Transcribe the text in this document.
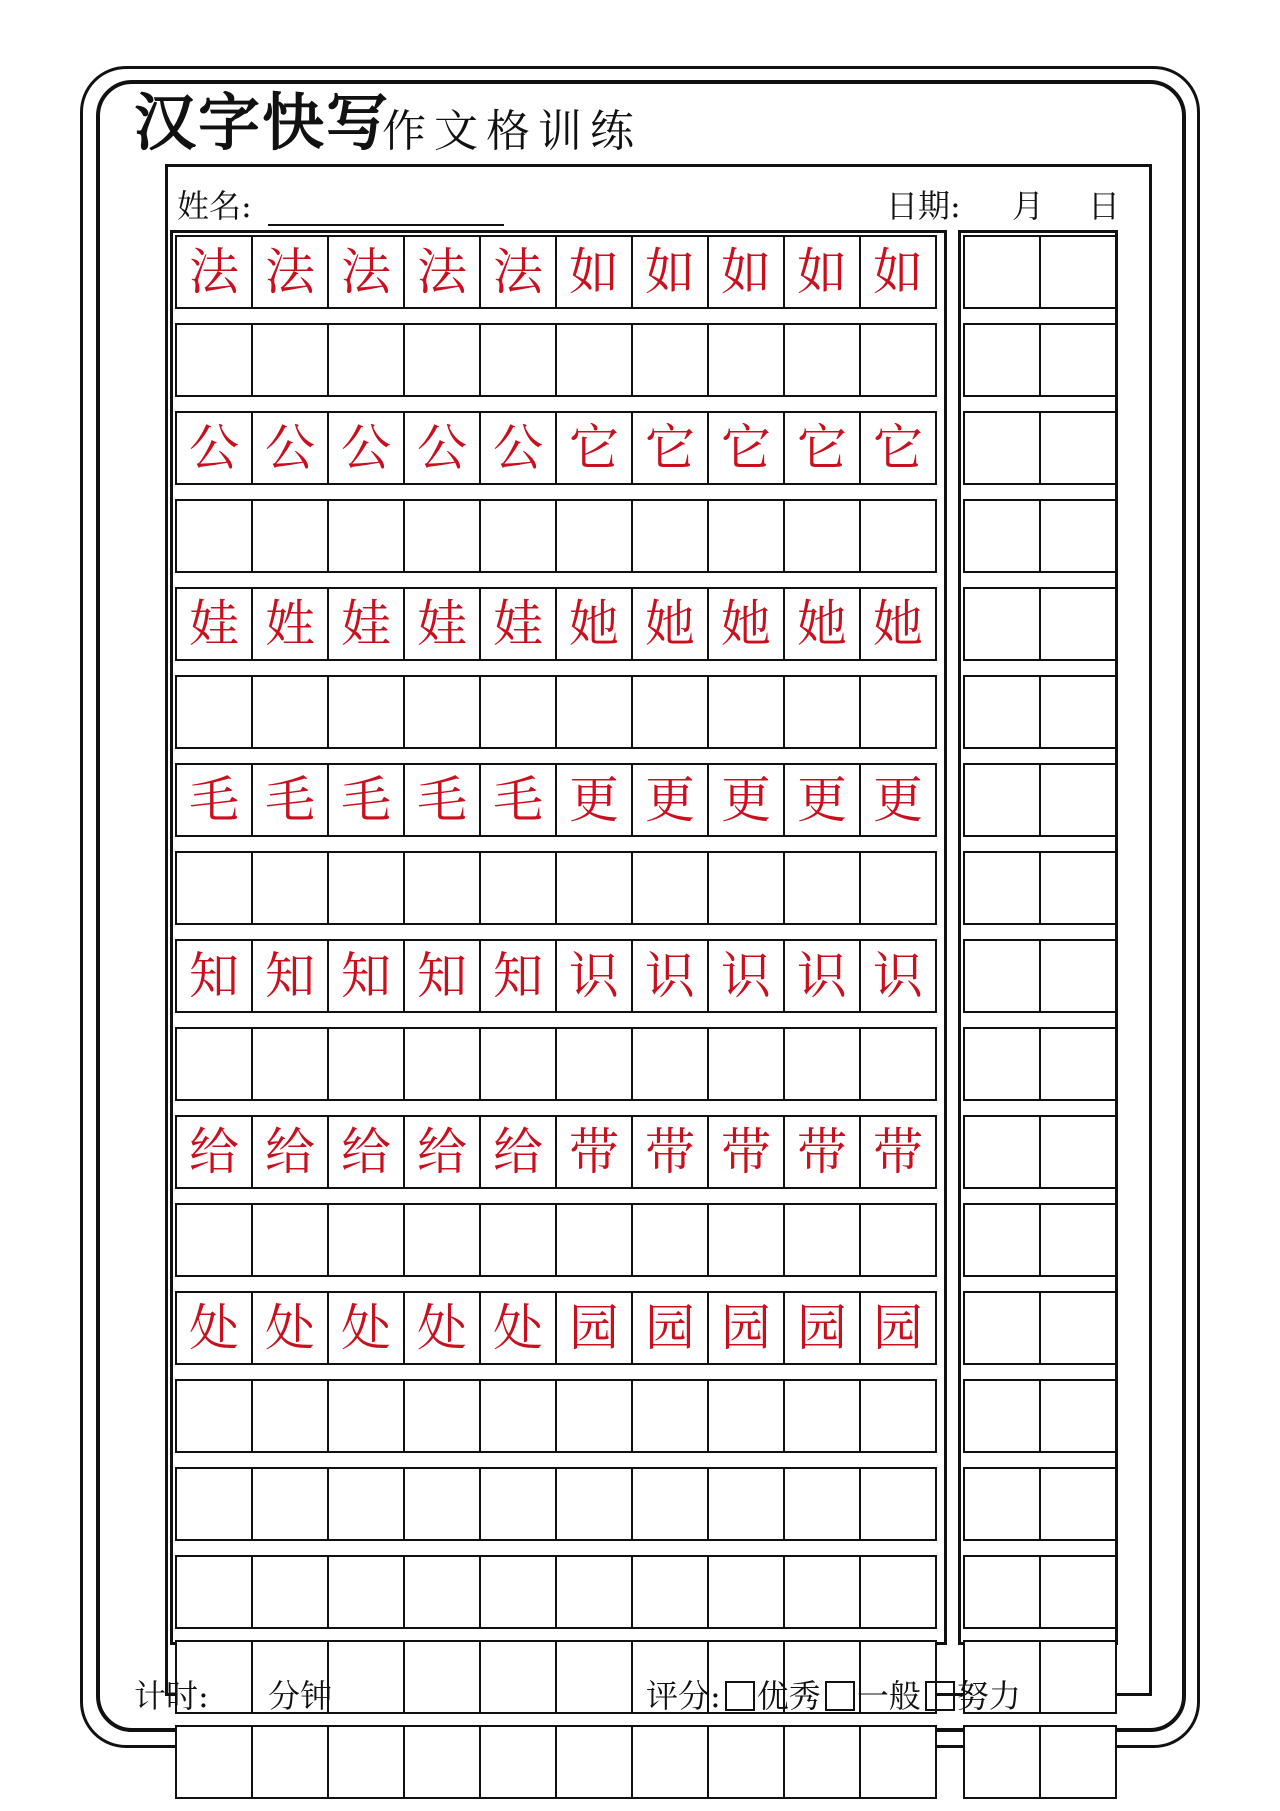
汉字快写
作文格训练
姓名:	日期: 月 日
法 法 法 法 法 如 如 如 如 如
公 公 公 公 公 它 它 它 它 它
娃 姓 娃 娃 娃 她 她 她 她 她
毛 毛 毛 毛 毛 更 更 更 更 更
知 知 知 知 知 识 识 识 识 识
给 给 给 给 给 带 带 带 带 带
处 处 处 处 处 园 园 园 园 园
计时: 分钟	评分: 优秀 一般 努力
